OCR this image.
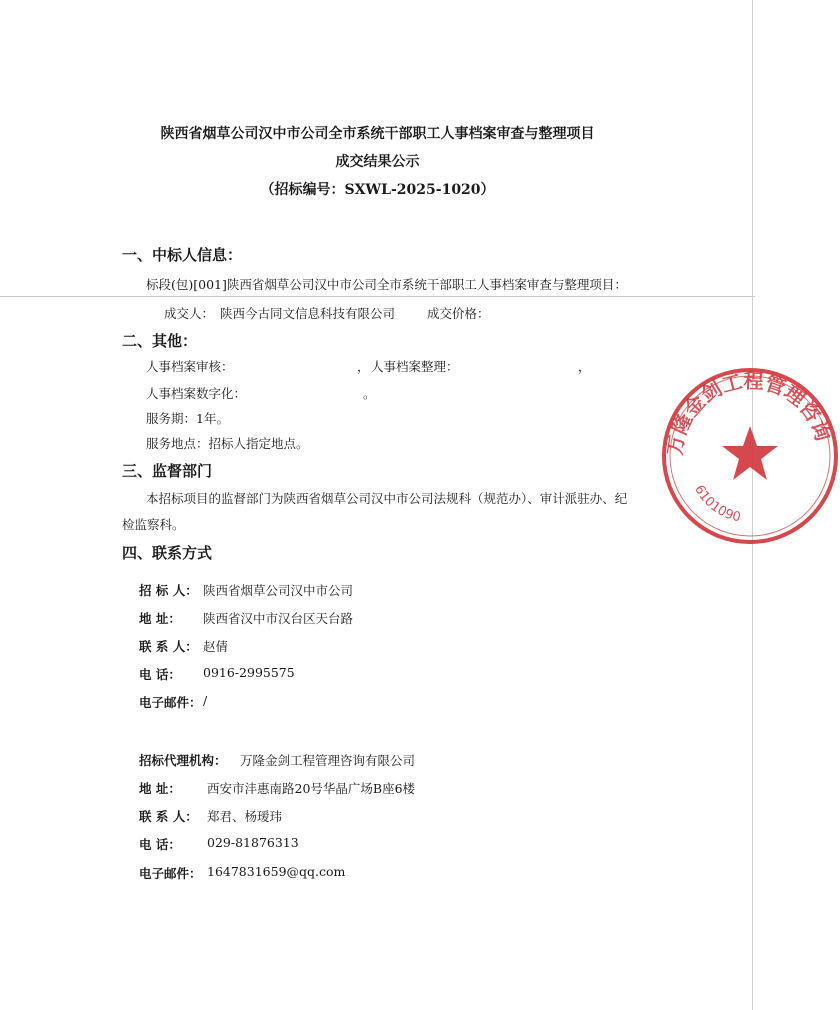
陕西省烟草公司汉中市公司全市系统干部职工人事档案审查与整理项目
成交结果公示
（招标编号：SXWL-2025-1020）
一、中标人信息：
标段(包)[001]陕西省烟草公司汉中市公司全市系统干部职工人事档案审查与整理项目：
成交人： 陕西今古同文信息科技有限公司	成交价格：
二、其他：
人事档案审核：	， 人事档案整理：	，
人事档案数字化：	。
服务期：1年。
服务地点：招标人指定地点。
三、监督部门
本招标项目的监督部门为陕西省烟草公司汉中市公司法规科（规范办）、审计派驻办、纪
检监察科。
四、联系方式
招 标 人： 陕西省烟草公司汉中市公司
地 址： 陕西省汉中市汉台区天台路
联 系 人： 赵倩
电 话： 0916-2995575
电子邮件： /
招标代理机构： 万隆金剑工程管理咨询有限公司
地 址： 西安市沣惠南路20号华晶广场B座6楼
联 系 人： 郑君、杨瑷玮
电 话： 029-81876313
电子邮件： 1647831659@qq.com
万隆金剑工程管理咨询
6101090
